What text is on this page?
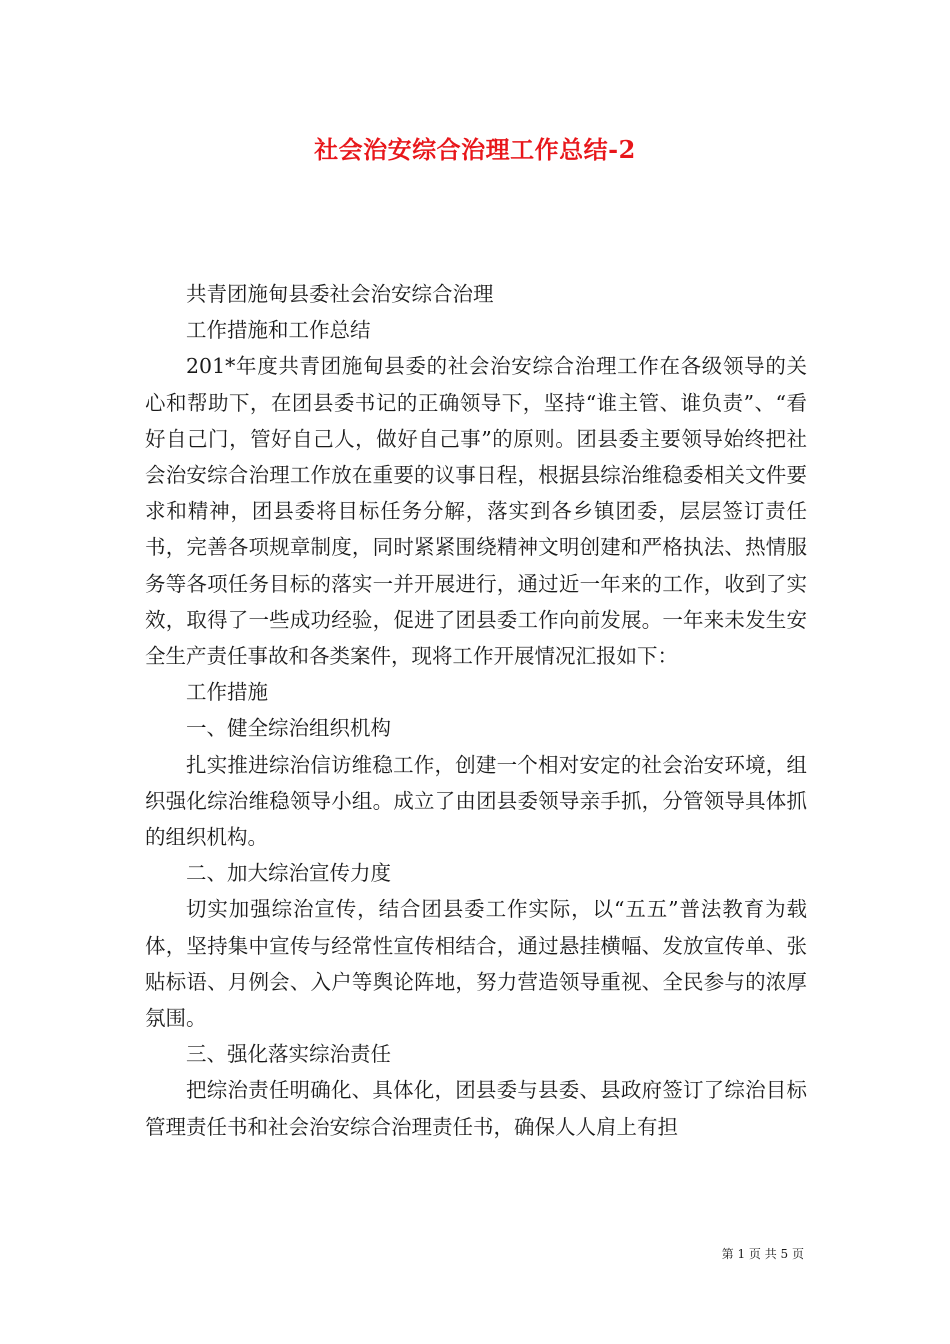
社会治安综合治理工作总结-2

共青团施甸县委社会治安综合治理

工作措施和工作总结

201*年度共青团施甸县委的社会治安综合治理工作在各级领导的关心和帮助下，在团县委书记的正确领导下，坚持“谁主管、谁负责”、“看好自己门，管好自己人，做好自己事”的原则。团县委主要领导始终把社会治安综合治理工作放在重要的议事日程，根据县综治维稳委相关文件要求和精神，团县委将目标任务分解，落实到各乡镇团委，层层签订责任书，完善各项规章制度，同时紧紧围绕精神文明创建和严格执法、热情服务等各项任务目标的落实一并开展进行，通过近一年来的工作，收到了实效，取得了一些成功经验，促进了团县委工作向前发展。一年来未发生安全生产责任事故和各类案件，现将工作开展情况汇报如下：

工作措施

一、健全综治组织机构

扎实推进综治信访维稳工作，创建一个相对安定的社会治安环境，组织强化综治维稳领导小组。成立了由团县委领导亲手抓，分管领导具体抓的组织机构。

二、加大综治宣传力度

切实加强综治宣传，结合团县委工作实际，以“五五”普法教育为载体，坚持集中宣传与经常性宣传相结合，通过悬挂横幅、发放宣传单、张贴标语、月例会、入户等舆论阵地，努力营造领导重视、全民参与的浓厚氛围。

三、强化落实综治责任

把综治责任明确化、具体化，团县委与县委、县政府签订了综治目标管理责任书和社会治安综合治理责任书，确保人人肩上有担

第 1 页 共 5 页
